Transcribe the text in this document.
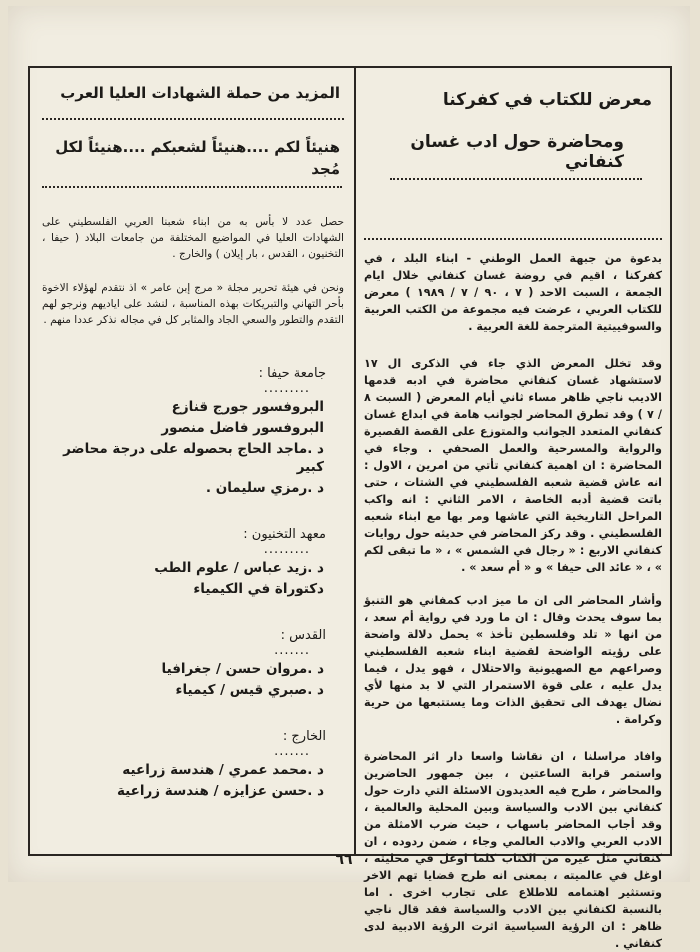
معرض للكتاب في كفركنا
ومحاضرة حول ادب غسان كنفاني

بدعوة من جبهة العمل الوطني - ابناء البلد ، في كفركنا ، اقيم في روضة غسان كنفاني خلال ايام الجمعة ، السبت الاحد ( ٧ ، ٩٠ / ٧ / ١٩٨٩ ) معرض للكتاب العربي ، عرضت فيه مجموعة من الكتب العربية والسوفييتية المترجمة للغة العربية .

وقد تخلل المعرض الذي جاء في الذكرى ال ١٧ لاستشهاد غسان كنفاني محاضرة في ادبه قدمها الاديب ناجي ظاهر مساء ثاني أيام المعرض ( السبت ٨ / ٧ ) وقد تطرق المحاضر لجوانب هامة في ابداع غسان كنفاني المتعدد الجوانب والمتوزع على القصة القصيرة والرواية والمسرحية والعمل الصحفي . وجاء في المحاضرة : ان اهمية كنفاني تأتي من امرين ، الاول : انه عاش قضية شعبه الفلسطيني في الشتات ، حتى باتت قضية أدبه الخاصة ، الامر الثاني : انه واكب المراحل التاريخية التي عاشها ومر بها مع ابناء شعبه الفلسطيني . وقد ركز المحاضر في حديثه حول روايات كنفاني الاربع : « رجال في الشمس » ، « ما تبقى لكم » ، « عائد الى حيفا » و « أم سعد » .

وأشار المحاضر الى ان ما ميز ادب كمفاني هو التنبؤ بما سوف يحدث وقال : ان ما ورد في رواية أم سعد ، من انها « تلد وفلسطين تأخذ » يحمل دلالة واضحة على رؤيته الواضحة لقضية ابناء شعبه الفلسطيني وصراعهم مع الصهيونية والاحتلال ، فهو يدل ، فيما يدل عليه ، على قوة الاستمرار التي لا بد منها لأي نضال يهدف الى تحقيق الذات وما يستتبعها من حرية وكرامة .

وافاد مراسلنا ، ان نقاشا واسعا دار اثر المحاضرة واستمر قرابة الساعتين ، بين جمهور الحاضرين والمحاضر ، طرح فيه العديدون الاسئلة التي دارت حول كنفاني بين الادب والسياسة وبين المحلية والعالمية ، وقد أجاب المحاضر باسهاب ، حيث ضرب الامثلة من الادب العربي والادب العالمي وجاء ، ضمن ردوده ، ان كنفاني مثل غيره من الكتاب كلما اوغل في محليته ، اوغل في عالميته ، بمعنى انه طرح قضايا تهم الاخر وتستثير اهتمامه للاطلاع على تجارب اخرى . اما بالنسبة لكنفاني بين الادب والسياسة فقد قال ناجي ظاهر : ان الرؤية السياسية اثرت الرؤية الادبية لدى كنفاني .

المزيد من حملة الشهادات العليا العرب
هنيئاً لكم ....هنيئاً لشعبكم ....هنيئاً لكل مُجد

حصل عدد لا بأس به من ابناء شعبنا العربي الفلسطيني على الشهادات العليا في المواضيع المختلفة من جامعات البلاد ( حيفا ، التخنيون ، القدس ، بار إيلان ) والخارج .

ونحن في هيئة تحرير مجلة « مرج إبن عامر » اذ نتقدم لهؤلاء الاخوة بأحر التهاني والتبريكات بهذه المناسبة ، لنشد على اياديهم ونرجو لهم التقدم والتطور والسعي الجاد والمثابر كل في مجاله نذكر عددا منهم .

جامعة حيفا :
.........
البروفسور جورج قنازع
البروفسور فاضل منصور
د .ماجد الحاج بحصوله على درجة محاضر كبير
د .رمزي سليمان .
معهد التخنيون :
.........
د .زيد عباس / علوم الطب
دكتوراة في الكيمياء
القدس :
.......
د .مروان حسن / جغرافيا
د .صبري قيس / كيمياء
الخارج :
.......
د .محمد عمري / هندسة زراعيه
د .حسن عزايزه / هندسة زراعية
٦٦
